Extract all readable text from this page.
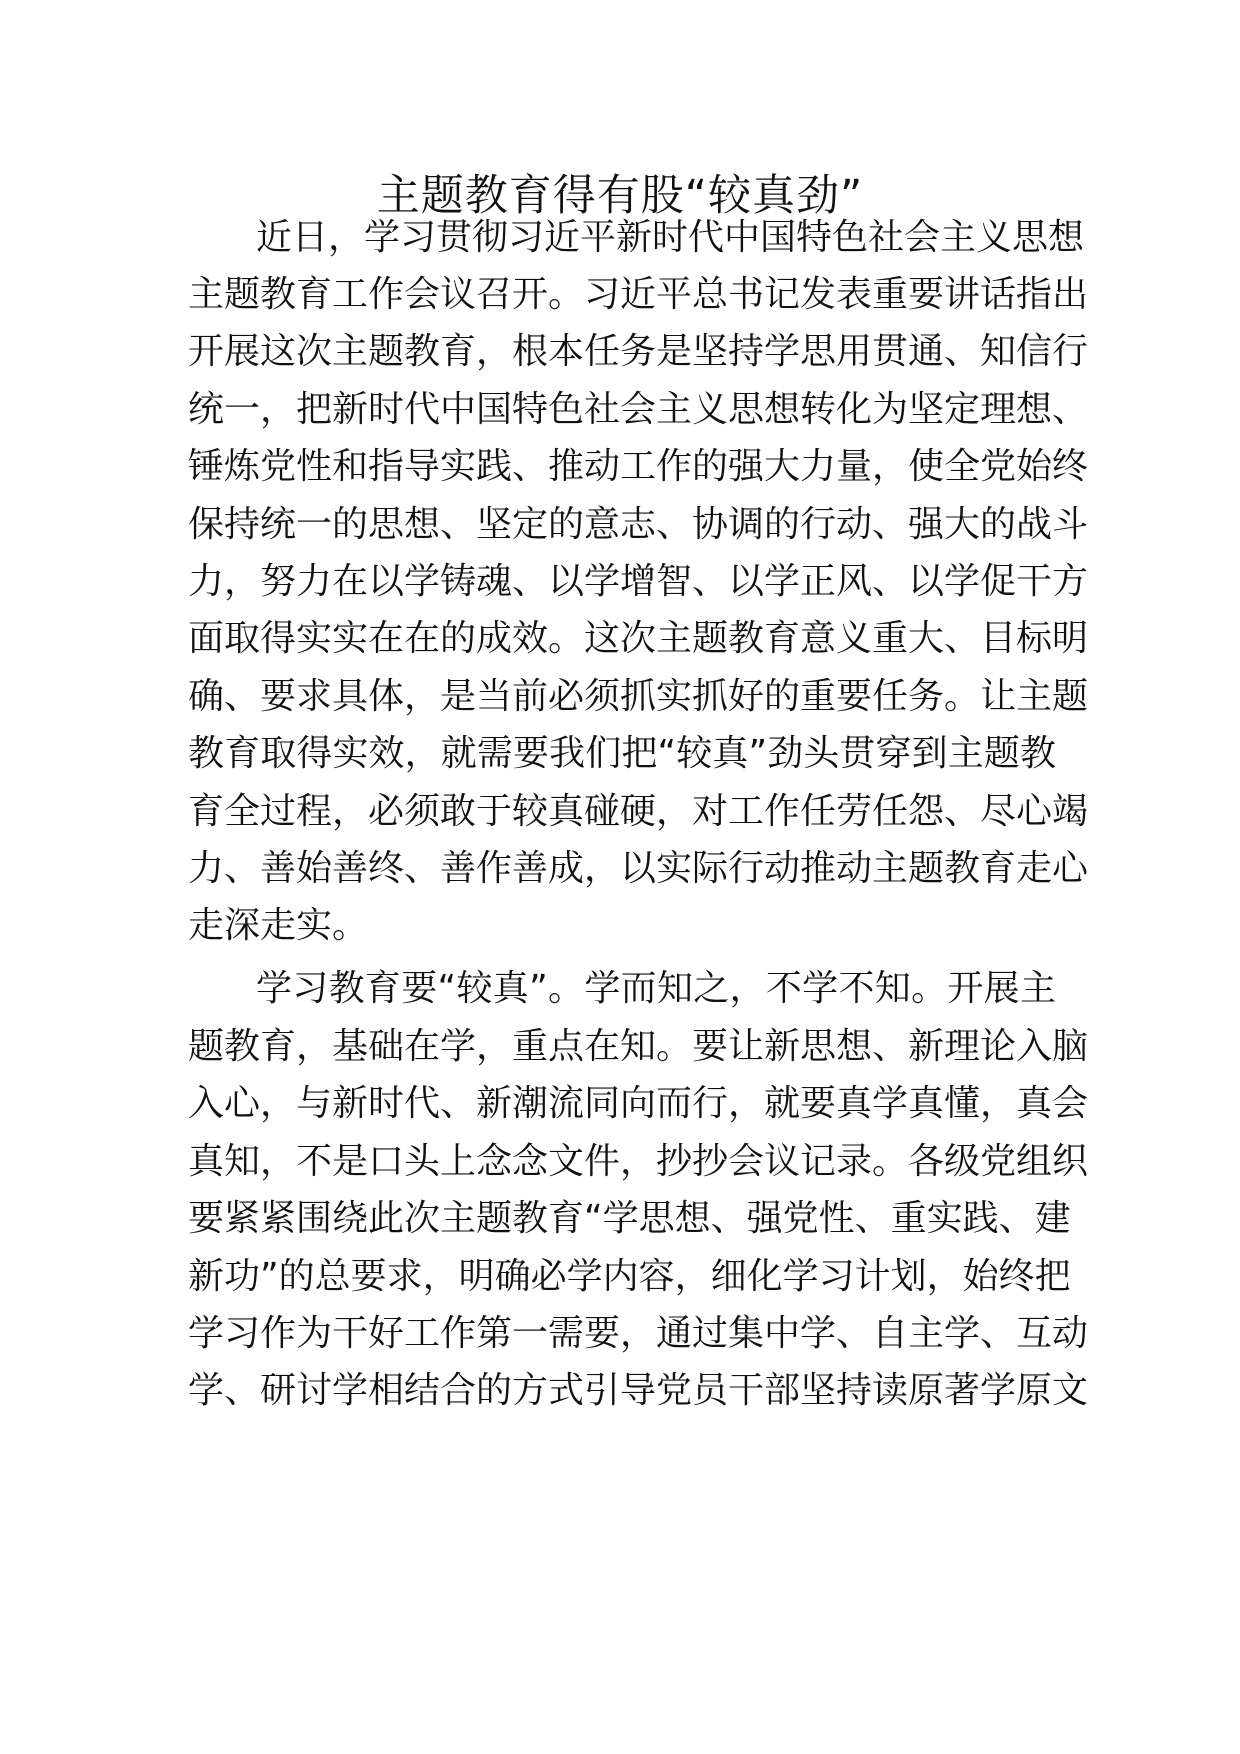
主题教育得有股“较真劲”

近日，学习贯彻习近平新时代中国特色社会主义思想

主题教育工作会议召开。习近平总书记发表重要讲话指出

开展这次主题教育，根本任务是坚持学思用贯通、知信行

统一，把新时代中国特色社会主义思想转化为坚定理想、

锤炼党性和指导实践、推动工作的强大力量，使全党始终

保持统一的思想、坚定的意志、协调的行动、强大的战斗

力，努力在以学铸魂、以学增智、以学正风、以学促干方

面取得实实在在的成效。这次主题教育意义重大、目标明

确、要求具体，是当前必须抓实抓好的重要任务。让主题

教育取得实效，就需要我们把“较真”劲头贯穿到主题教

育全过程，必须敢于较真碰硬，对工作任劳任怨、尽心竭

力、善始善终、善作善成，以实际行动推动主题教育走心

走深走实。

学习教育要“较真”。学而知之，不学不知。开展主

题教育，基础在学，重点在知。要让新思想、新理论入脑

入心，与新时代、新潮流同向而行，就要真学真懂，真会

真知，不是口头上念念文件，抄抄会议记录。各级党组织

要紧紧围绕此次主题教育“学思想、强党性、重实践、建

新功”的总要求，明确必学内容，细化学习计划，始终把

学习作为干好工作第一需要，通过集中学、自主学、互动

学、研讨学相结合的方式引导党员干部坚持读原著学原文
